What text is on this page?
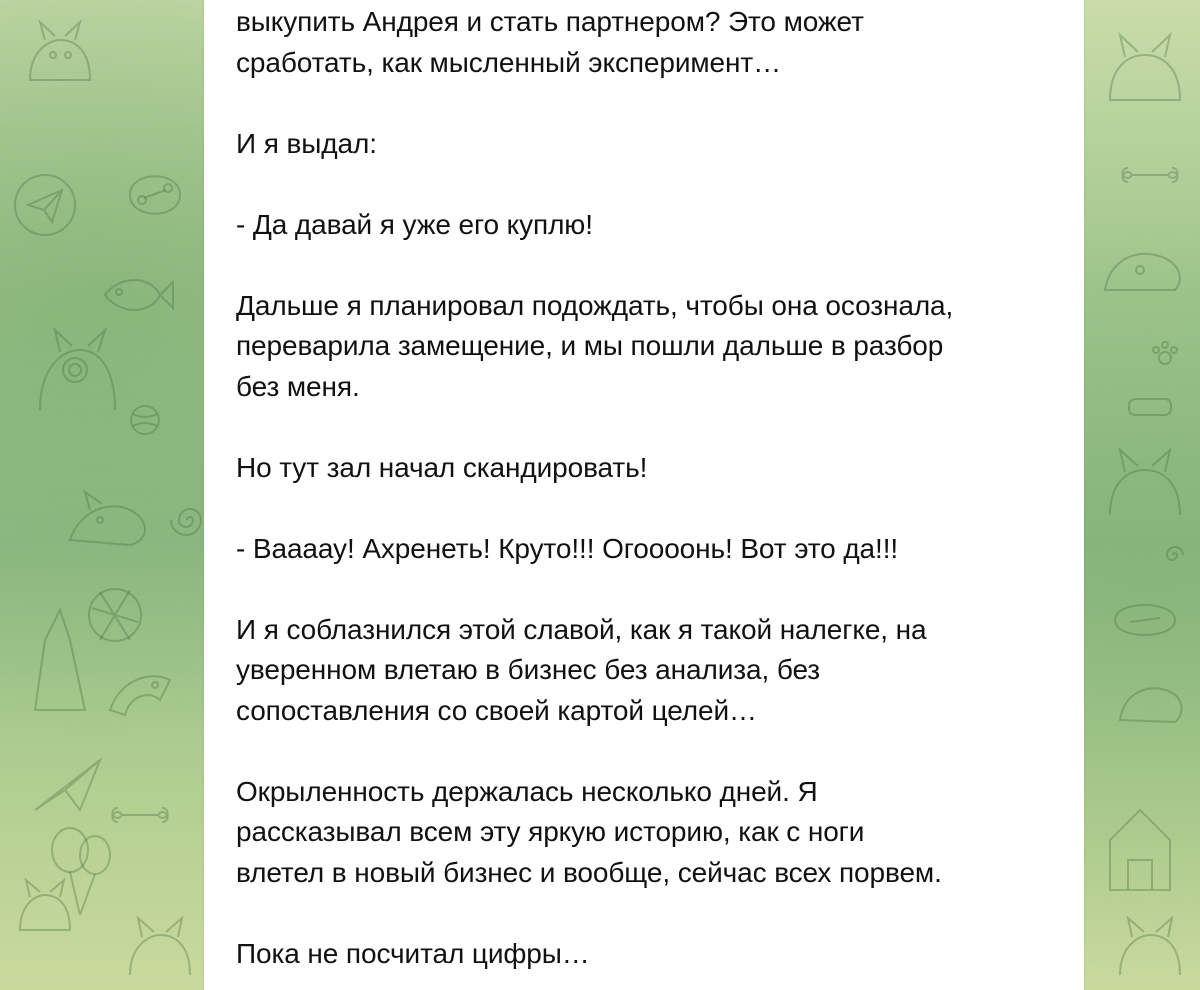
выкупить Андрея и стать партнером? Это может
сработать, как мысленный эксперимент…

И я выдал:

- Да давай я уже его куплю!

Дальше я планировал подождать, чтобы она осознала,
переварила замещение, и мы пошли дальше в разбор
без меня.

Но тут зал начал скандировать!

- Ваааау! Ахренеть! Круто!!! Огоооонь! Вот это да!!!

И я соблазнился этой славой, как я такой налегке, на
уверенном влетаю в бизнес без анализа, без
сопоставления со своей картой целей…

Окрыленность держалась несколько дней. Я
рассказывал всем эту яркую историю, как с ноги
влетел в новый бизнес и вообще, сейчас всех порвем.

Пока не посчитал цифры…
